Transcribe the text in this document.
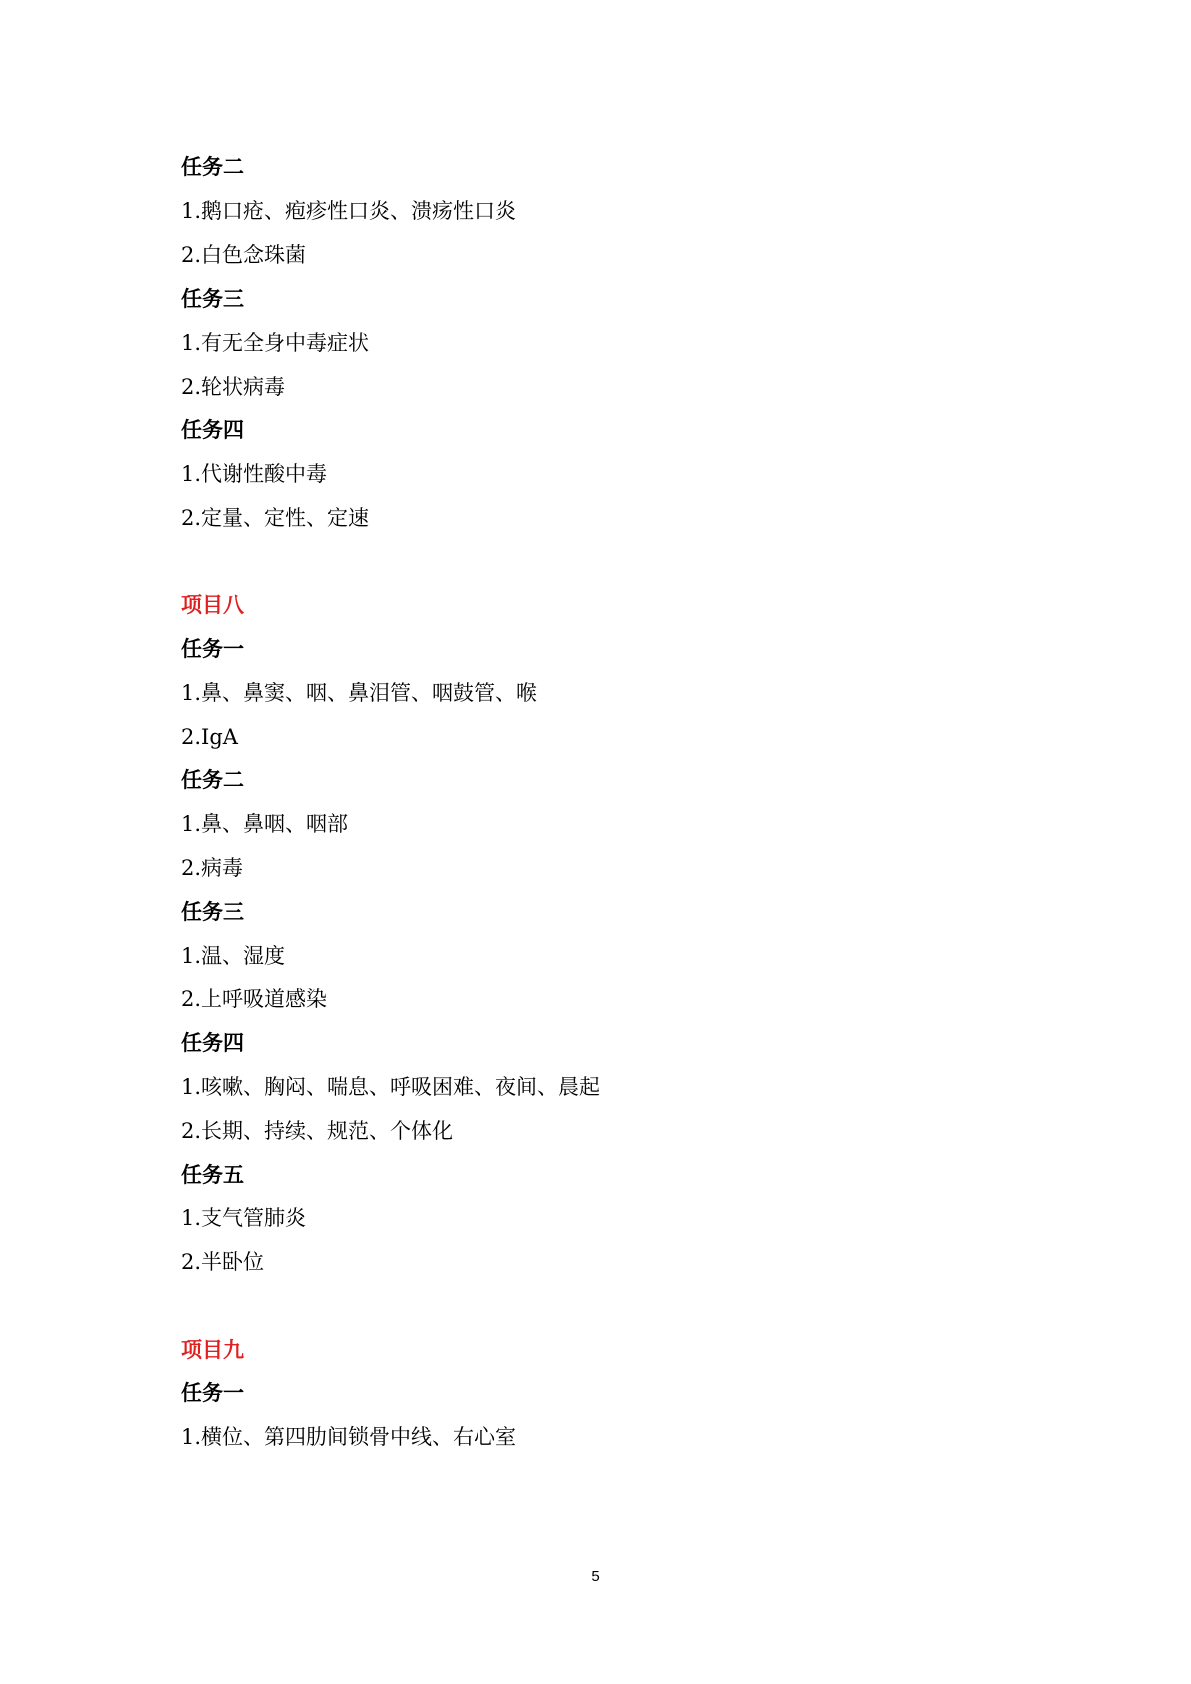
任务二
1.鹅口疮、疱疹性口炎、溃疡性口炎
2.白色念珠菌
任务三
1.有无全身中毒症状
2.轮状病毒
任务四
1.代谢性酸中毒
2.定量、定性、定速
项目八
任务一
1.鼻、鼻窦、咽、鼻泪管、咽鼓管、喉
2.IgA
任务二
1.鼻、鼻咽、咽部
2.病毒
任务三
1.温、湿度
2.上呼吸道感染
任务四
1.咳嗽、胸闷、喘息、呼吸困难、夜间、晨起
2.长期、持续、规范、个体化
任务五
1.支气管肺炎
2.半卧位
项目九
任务一
1.横位、第四肋间锁骨中线、右心室
5
